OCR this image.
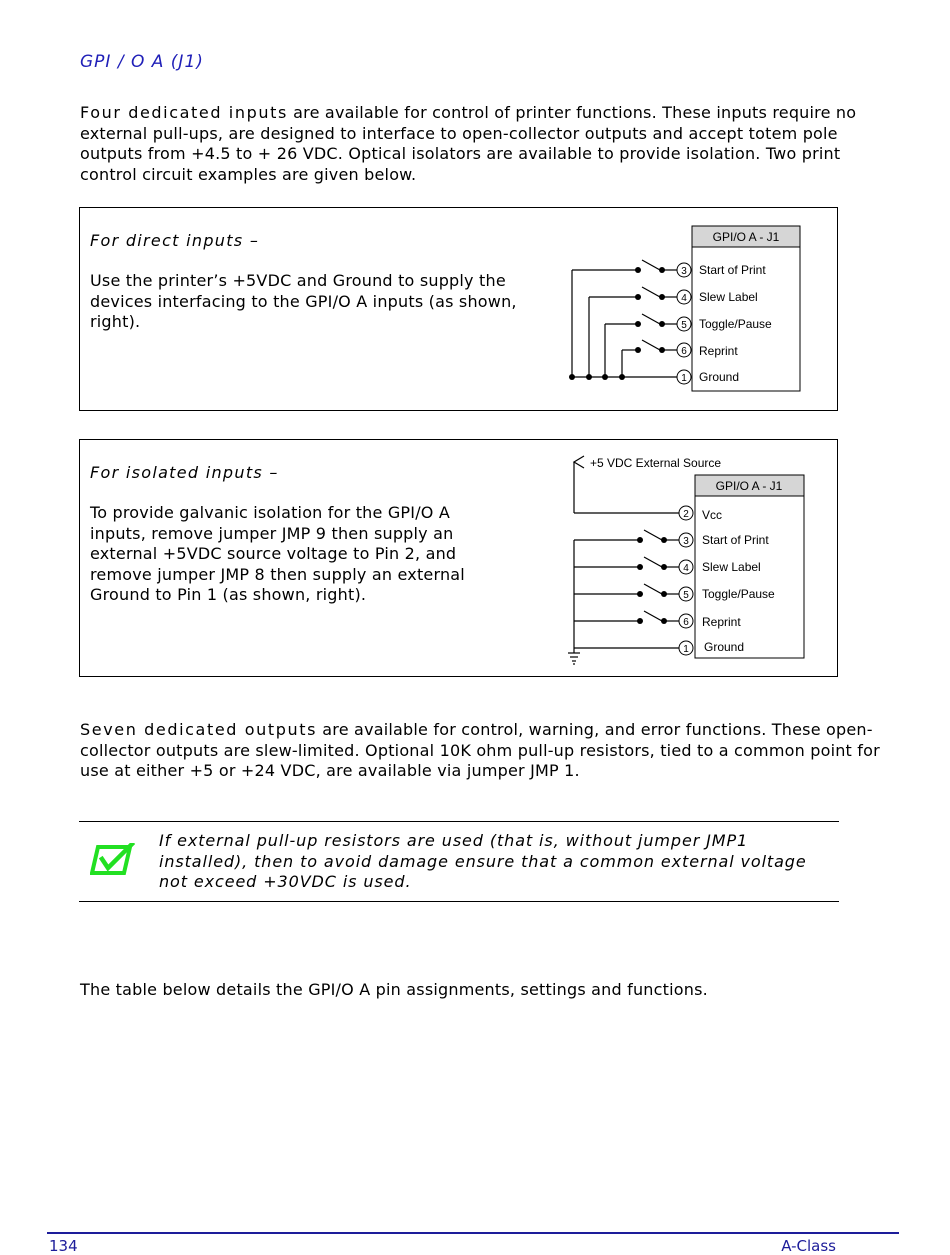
GPI / O A (J1)
Four dedicated inputs are available for control of printer functions. These inputs require no external pull-ups, are designed to interface to open-collector outputs and accept totem pole outputs from +4.5 to + 26 VDC. Optical isolators are available to provide isolation. Two print control circuit examples are given below.
For direct inputs –
Use the printer’s +5VDC and Ground to supply the devices interfacing to the GPI/O A inputs (as shown, right).
GPI/O A - J1
3 Start of Print
4 Slew Label
5 Toggle/Pause
6 Reprint
1 Ground
For isolated inputs –
To provide galvanic isolation for the GPI/O A inputs, remove jumper JMP 9 then supply an external +5VDC source voltage to Pin 2, and remove jumper JMP 8 then supply an external Ground to Pin 1 (as shown, right).
+5 VDC External Source
GPI/O A - J1
2 Vcc
3 Start of Print
4 Slew Label
5 Toggle/Pause
6 Reprint
1 Ground
Seven dedicated outputs are available for control, warning, and error functions. These open-collector outputs are slew-limited. Optional 10K ohm pull-up resistors, tied to a common point for use at either +5 or +24 VDC, are available via jumper JMP 1.
If external pull-up resistors are used (that is, without jumper JMP1 installed), then to avoid damage ensure that a common external voltage not exceed +30VDC is used.
The table below details the GPI/O A pin assignments, settings and functions.
134	A-Class
